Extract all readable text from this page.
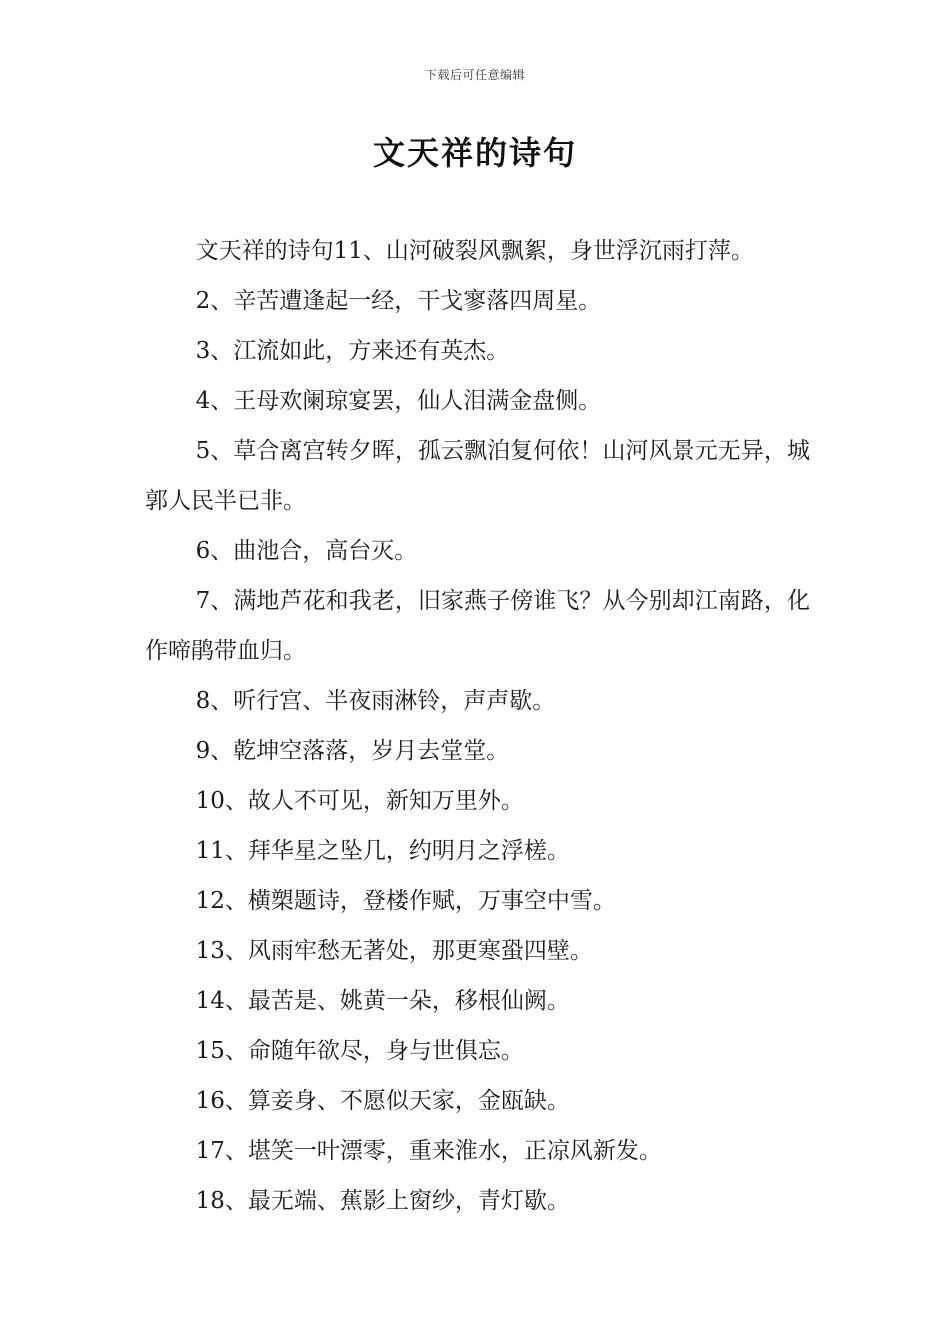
下载后可任意编辑
文天祥的诗句

文天祥的诗句11、山河破裂风飘絮，身世浮沉雨打萍。

2、辛苦遭逢起一经，干戈寥落四周星。

3、江流如此，方来还有英杰。

4、王母欢阑琼宴罢，仙人泪满金盘侧。

5、草合离宫转夕晖，孤云飘泊复何依！山河风景元无异，城郭人民半已非。

6、曲池合，高台灭。

7、满地芦花和我老，旧家燕子傍谁飞？从今别却江南路，化作啼鹃带血归。

8、听行宫、半夜雨淋铃，声声歇。

9、乾坤空落落，岁月去堂堂。

10、故人不可见，新知万里外。

11、拜华星之坠几，约明月之浮槎。

12、横槊题诗，登楼作赋，万事空中雪。

13、风雨牢愁无著处，那更寒蛩四壁。

14、最苦是、姚黄一朵，移根仙阙。

15、命随年欲尽，身与世俱忘。

16、算妾身、不愿似天家，金瓯缺。

17、堪笑一叶漂零，重来淮水，正凉风新发。

18、最无端、蕉影上窗纱，青灯歇。
